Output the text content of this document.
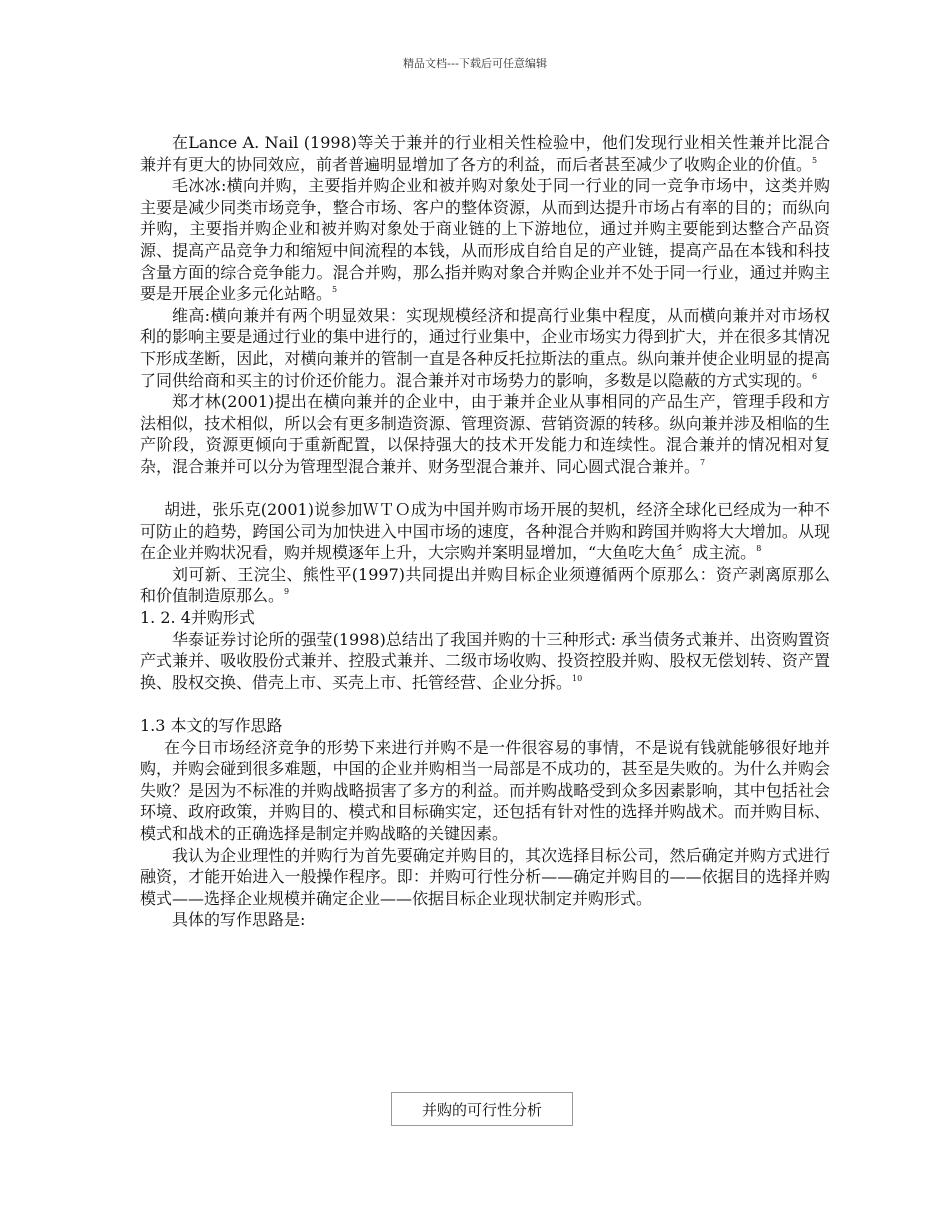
精品文档---下载后可任意编辑

在Lance A. Nail (1998)等关于兼并的行业相关性检验中，他们发现行业相关性兼并比混合兼并有更大的协同效应，前者普遍明显增加了各方的利益，而后者甚至减少了收购企业的价值。$^5$

毛冰冰:横向并购，主要指并购企业和被并购对象处于同一行业的同一竞争市场中，这类并购主要是减少同类市场竞争，整合市场、客户的整体资源，从而到达提升市场占有率的目的；而纵向并购，主要指并购企业和被并购对象处于商业链的上下游地位，通过并购主要能到达整合产品资源、提高产品竞争力和缩短中间流程的本钱，从而形成自给自足的产业链，提高产品在本钱和科技含量方面的综合竞争能力。混合并购，那么指并购对象合并购企业并不处于同一行业，通过并购主要是开展企业多元化站略。$^5$

维高:横向兼并有两个明显效果：实现规模经济和提高行业集中程度，从而横向兼并对市场权利的影响主要是通过行业的集中进行的，通过行业集中，企业市场实力得到扩大，并在很多其情况下形成垄断，因此，对横向兼并的管制一直是各种反托拉斯法的重点。纵向兼并使企业明显的提高了同供给商和买主的讨价还价能力。混合兼并对市场势力的影响，多数是以隐蔽的方式实现的。$^6$

郑才林(2001)提出在横向兼并的企业中，由于兼并企业从事相同的产品生产，管理手段和方法相似，技术相似，所以会有更多制造资源、管理资源、营销资源的转移。纵向兼并涉及相临的生产阶段，资源更倾向于重新配置，以保持强大的技术开发能力和连续性。混合兼并的情况相对复杂，混合兼并可以分为管理型混合兼并、财务型混合兼并、同心圆式混合兼并。$^7$

胡进，张乐克(2001)说参加ＷＴＯ成为中国并购市场开展的契机，经济全球化已经成为一种不可防止的趋势，跨国公司为加快进入中国市场的速度，各种混合并购和跨国并购将大大增加。从现在企业并购状况看，购并规模逐年上升，大宗购并案明显增加，“大鱼吃大鱼〞成主流。$^8$

刘可新、王浣尘、熊性平(1997)共同提出并购目标企业须遵循两个原那么：资产剥离原那么和价值制造原那么。$^9$

1. 2. 4并购形式

华泰证券讨论所的强莹(1998)总结出了我国并购的十三种形式: 承当债务式兼并、出资购置资产式兼并、吸收股份式兼并、控股式兼并、二级市场收购、投资控股并购、股权无偿划转、资产置换、股权交换、借壳上市、买壳上市、托管经营、企业分拆。$^{10}$

1.3 本文的写作思路

在今日市场经济竞争的形势下来进行并购不是一件很容易的事情，不是说有钱就能够很好地并购，并购会碰到很多难题，中国的企业并购相当一局部是不成功的，甚至是失败的。为什么并购会失败？是因为不标准的并购战略损害了多方的利益。而并购战略受到众多因素影响，其中包括社会环境、政府政策，并购目的、模式和目标确实定，还包括有针对性的选择并购战术。而并购目标、模式和战术的正确选择是制定并购战略的关键因素。

我认为企业理性的并购行为首先要确定并购目的，其次选择目标公司，然后确定并购方式进行融资，才能开始进入一般操作程序。即：并购可行性分析——确定并购目的——依据目的选择并购模式——选择企业规模并确定企业——依据目标企业现状制定并购形式。

具体的写作思路是:

并购的可行性分析
